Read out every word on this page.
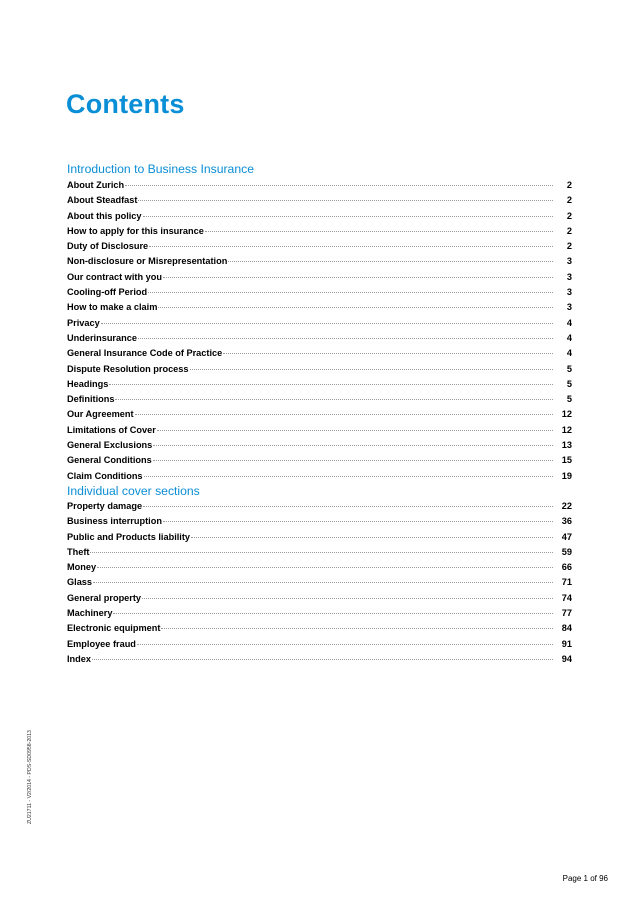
Contents
Introduction to Business Insurance
About Zurich	2
About Steadfast	2
About this policy	2
How to apply for this insurance	2
Duty of Disclosure	2
Non-disclosure or Misrepresentation	3
Our contract with you	3
Cooling-off Period	3
How to make a claim	3
Privacy	4
Underinsurance	4
General Insurance Code of Practice	4
Dispute Resolution process	5
Headings	5
Definitions	5
Our Agreement	12
Limitations of Cover	12
General Exclusions	13
General Conditions	15
Claim Conditions	19
Individual cover sections
Property damage	22
Business interruption	36
Public and Products liability	47
Theft	59
Money	66
Glass	71
General property	74
Machinery	77
Electronic equipment	84
Employee fraud	91
Index	94
ZU21711 - V2/2014 - PDS-SD0958-2013
Page 1 of 96
